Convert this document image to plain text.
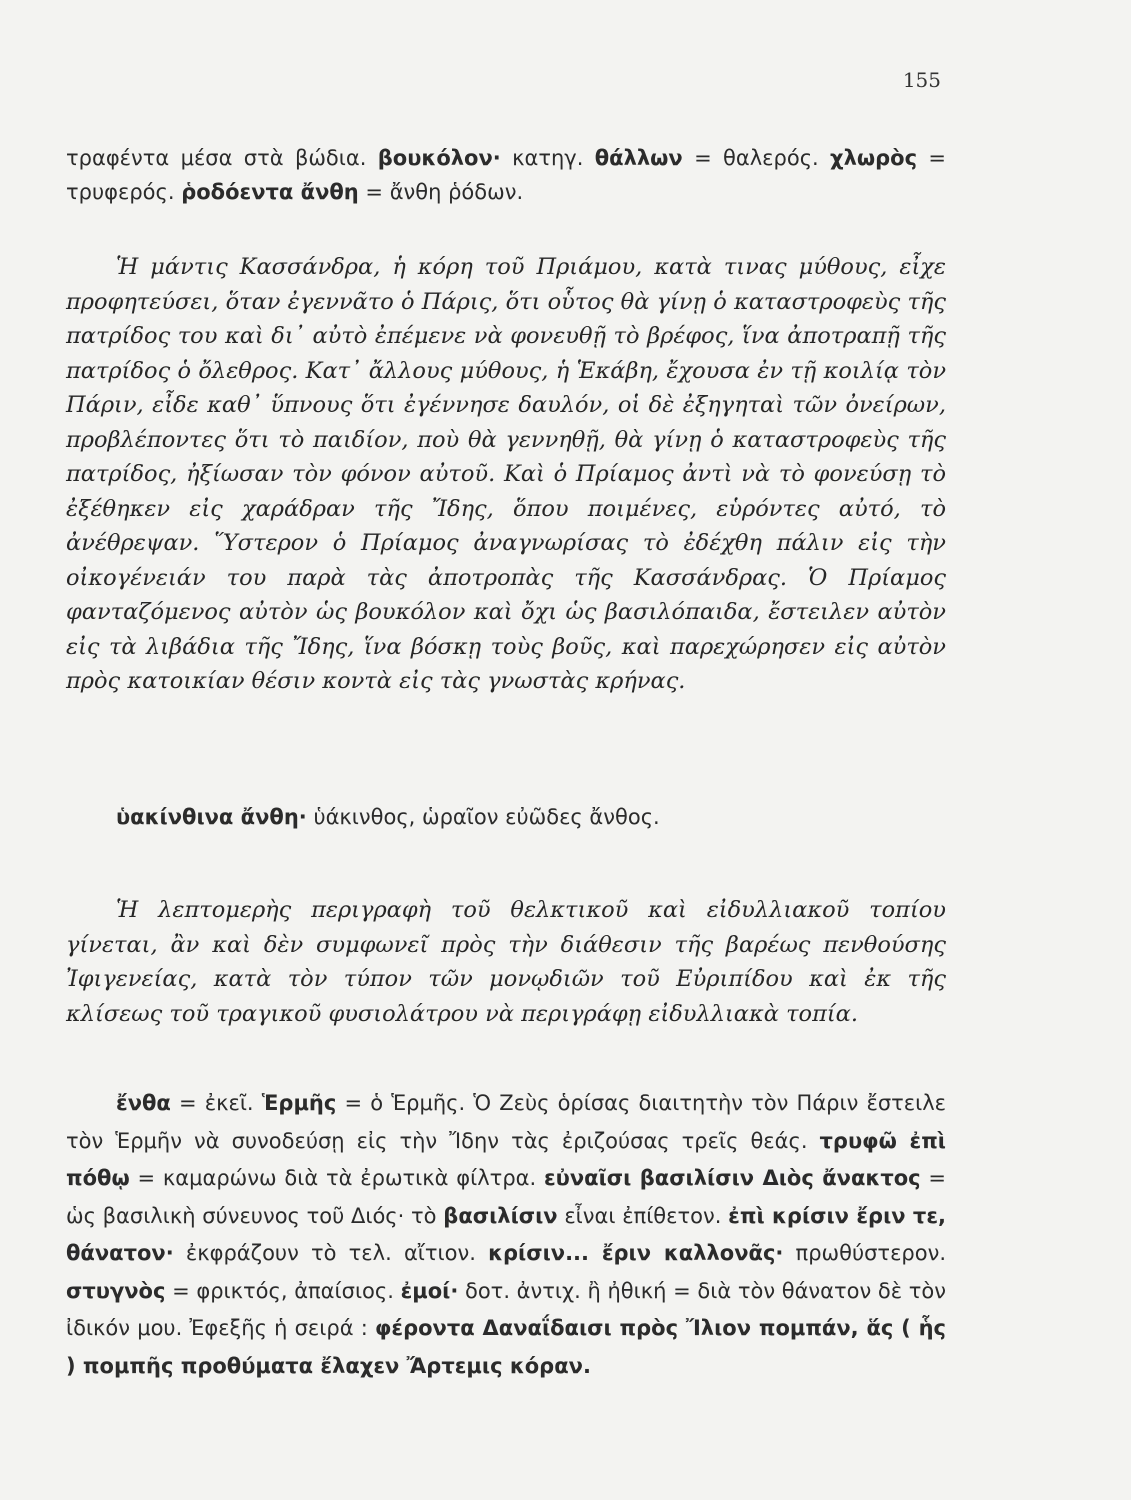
155

τραφέντα μέσα στὰ βώδια. βουκόλον· κατηγ. θάλλων = θαλερός. χλωρὸς = τρυφερός. ῥοδόεντα ἄνθη = ἄνθη ῥόδων.

Ἡ μάντις Κασσάνδρα, ἡ κόρη τοῦ Πριάμου, κατὰ τινας μύθους, εἶχε προφητεύσει, ὅταν ἐγεννᾶτο ὁ Πάρις, ὅτι οὗτος θὰ γίνῃ ὁ καταστροφεὺς τῆς πατρίδος του καὶ δι᾽ αὐτὸ ἐπέμενε νὰ φονευθῇ τὸ βρέφος, ἵνα ἀποτραπῇ τῆς πατρίδος ὁ ὄλεθρος. Κατ᾽ ἄλλους μύθους, ἡ Ἑκάβη, ἔχουσα ἐν τῇ κοιλίᾳ τὸν Πάριν, εἶδε καθ᾽ ὕπνους ὅτι ἐγέννησε δαυλόν, οἱ δὲ ἐξηγηταὶ τῶν ὀνείρων, προβλέποντες ὅτι τὸ παιδίον, ποὺ θὰ γεννηθῇ, θὰ γίνῃ ὁ καταστροφεὺς τῆς πατρίδος, ἠξίωσαν τὸν φόνον αὐτοῦ. Καὶ ὁ Πρίαμος ἀντὶ νὰ τὸ φονεύσῃ τὸ ἐξέθηκεν εἰς χαράδραν τῆς Ἴδης, ὅπου ποιμένες, εὑρόντες αὐτό, τὸ ἀνέθρεψαν. Ὕστερον ὁ Πρίαμος ἀναγνωρίσας τὸ ἐδέχθη πάλιν εἰς τὴν οἰκογένειάν του παρὰ τὰς ἀποτροπὰς τῆς Κασσάνδρας. Ὁ Πρίαμος φανταζόμενος αὐτὸν ὡς βουκόλον καὶ ὄχι ὡς βασιλόπαιδα, ἔστειλεν αὐτὸν εἰς τὰ λιβάδια τῆς Ἴδης, ἵνα βόσκῃ τοὺς βοῦς, καὶ παρεχώρησεν εἰς αὐτὸν πρὸς κατοικίαν θέσιν κοντὰ εἰς τὰς γνωστὰς κρήνας.

ὑακίνθινα ἄνθη· ὑάκινθος, ὡραῖον εὐῶδες ἄνθος.

Ἡ λεπτομερὴς περιγραφὴ τοῦ θελκτικοῦ καὶ εἰδυλλιακοῦ τοπίου γίνεται, ἂν καὶ δὲν συμφωνεῖ πρὸς τὴν διάθεσιν τῆς βαρέως πενθούσης Ἰφιγενείας, κατὰ τὸν τύπον τῶν μονῳδιῶν τοῦ Εὐριπίδου καὶ ἐκ τῆς κλίσεως τοῦ τραγικοῦ φυσιολάτρου νὰ περιγράφῃ εἰδυλλιακὰ τοπία.

ἔνθα = ἐκεῖ. Ἑρμῆς = ὁ Ἑρμῆς. Ὁ Ζεὺς ὁρίσας διαιτητὴν τὸν Πάριν ἔστειλε τὸν Ἑρμῆν νὰ συνοδεύσῃ εἰς τὴν Ἴδην τὰς ἐριζούσας τρεῖς θεάς. τρυφῶ ἐπὶ πόθῳ = καμαρώνω διὰ τὰ ἐρωτικὰ φίλτρα. εὐναῖσι βασιλίσιν Διὸς ἄνακτος = ὡς βασιλικὴ σύνευνος τοῦ Διός· τὸ βασιλίσιν εἶναι ἐπίθετον. ἐπὶ κρίσιν ἔριν τε, θάνατον· ἐκφράζουν τὸ τελ. αἴτιον. κρίσιν... ἔριν καλλονᾶς· πρωθύστερον. στυγνὸς = φρικτός, ἀπαίσιος. ἐμοί· δοτ. ἀντιχ. ἢ ἠθική = διὰ τὸν θάνατον δὲ τὸν ἰδικόν μου. Ἐφεξῆς ἡ σειρά : φέροντα Δαναΐδαισι πρὸς Ἴλιον πομπάν, ἅς ( ἧς ) πομπῆς προθύματα ἔλαχεν Ἄρτεμις κόραν.
